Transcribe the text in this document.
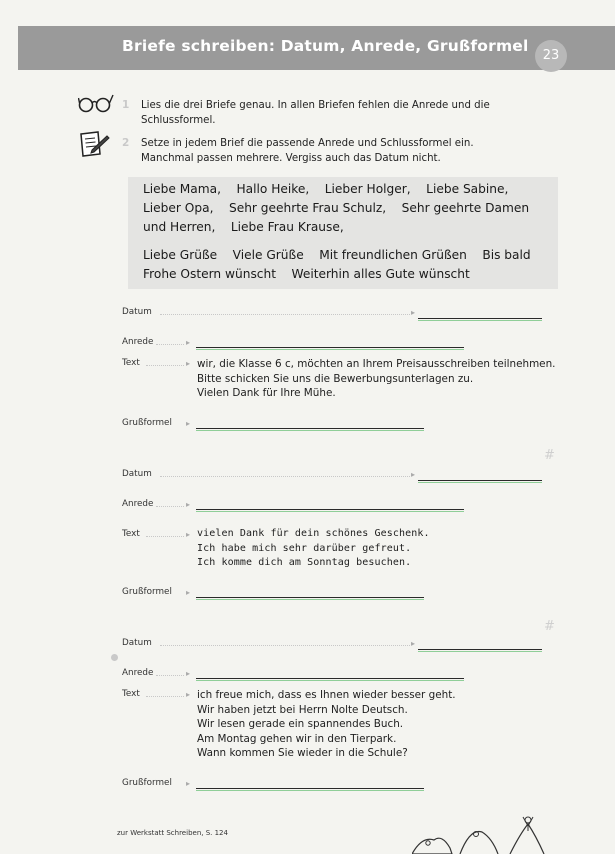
Briefe schreiben: Datum, Anrede, Grußformel
23
1 Lies die drei Briefe genau. In allen Briefen fehlen die Anrede und die
Schlussformel.
2 Setze in jedem Brief die passende Anrede und Schlussformel ein.
Manchmal passen mehrere. Vergiss auch das Datum nicht.
Liebe Mama,    Hallo Heike,    Lieber Holger,    Liebe Sabine,
Lieber Opa,    Sehr geehrte Frau Schulz,    Sehr geehrte Damen
und Herren,    Liebe Frau Krause,
Liebe Grüße    Viele Grüße    Mit freundlichen Grüßen    Bis bald
Frohe Ostern wünscht    Weiterhin alles Gute wünscht
Datum	▸
Anrede	▸
Text	▸ wir, die Klasse 6 c, möchten an Ihrem Preisausschreiben teilnehmen.
Bitte schicken Sie uns die Bewerbungsunterlagen zu.
Vielen Dank für Ihre Mühe.
Grußformel ▸
#
Datum	▸
Anrede	▸
Text	▸ vielen Dank für dein schönes Geschenk.
Ich habe mich sehr darüber gefreut.
Ich komme dich am Sonntag besuchen.
Grußformel ▸
#
Datum	▸
Anrede	▸
Text	▸ ich freue mich, dass es Ihnen wieder besser geht.
Wir haben jetzt bei Herrn Nolte Deutsch.
Wir lesen gerade ein spannendes Buch.
Am Montag gehen wir in den Tierpark.
Wann kommen Sie wieder in die Schule?
Grußformel ▸
zur Werkstatt Schreiben, S. 124
